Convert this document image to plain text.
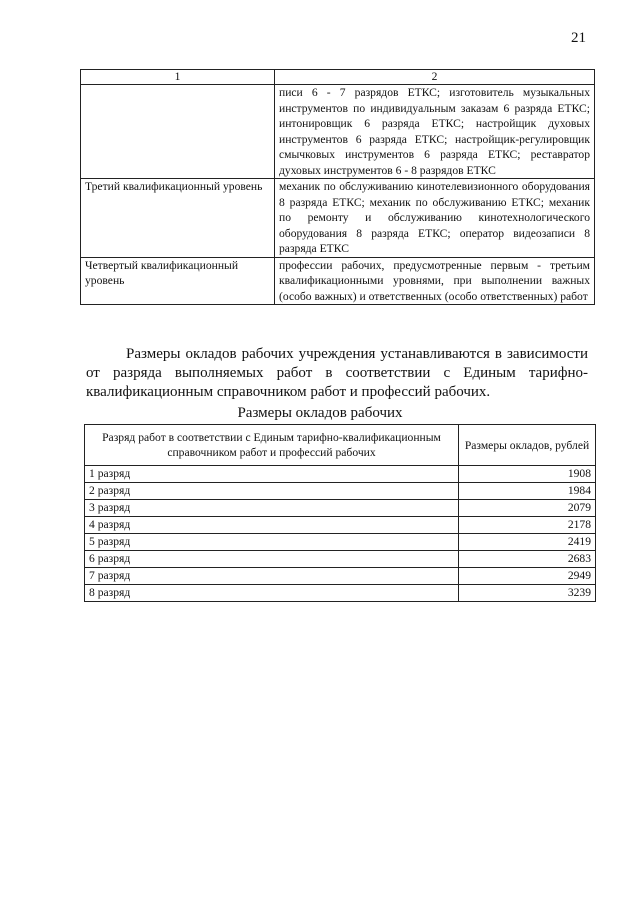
21
1	2
	писи 6 - 7 разрядов ЕТКС; изготовитель музыкальных инструментов по индивидуальным заказам 6 разряда ЕТКС; интонировщик 6 разряда ЕТКС; настройщик духовых инструментов 6 разряда ЕТКС; настройщик-регулировщик смычковых инструментов 6 разряда ЕТКС; реставратор духовых инструментов 6 - 8 разрядов ЕТКС
Третий квалификационный уровень	механик по обслуживанию кинотелевизионного оборудования 8 разряда ЕТКС; механик по обслуживанию ЕТКС; механик по ремонту и обслуживанию кинотехнологического оборудования 8 разряда ЕТКС; оператор видеозаписи 8 разряда ЕТКС
Четвертый квалификационный уровень	профессии рабочих, предусмотренные первым - третьим квалификационными уровнями, при выполнении важных (особо важных) и ответственных (особо ответственных) работ

Размеры окладов рабочих учреждения устанавливаются в зависимости от разряда выполняемых работ в соответствии с Единым тарифно-квалификационным справочником работ и профессий рабочих.

Размеры окладов рабочих
Разряд работ в соответствии с Единым тарифно-квалификационным справочником работ и профессий рабочих	Размеры окладов, рублей
1 разряд	1908
2 разряд	1984
3 разряд	2079
4 разряд	2178
5 разряд	2419
6 разряд	2683
7 разряд	2949
8 разряд	3239
